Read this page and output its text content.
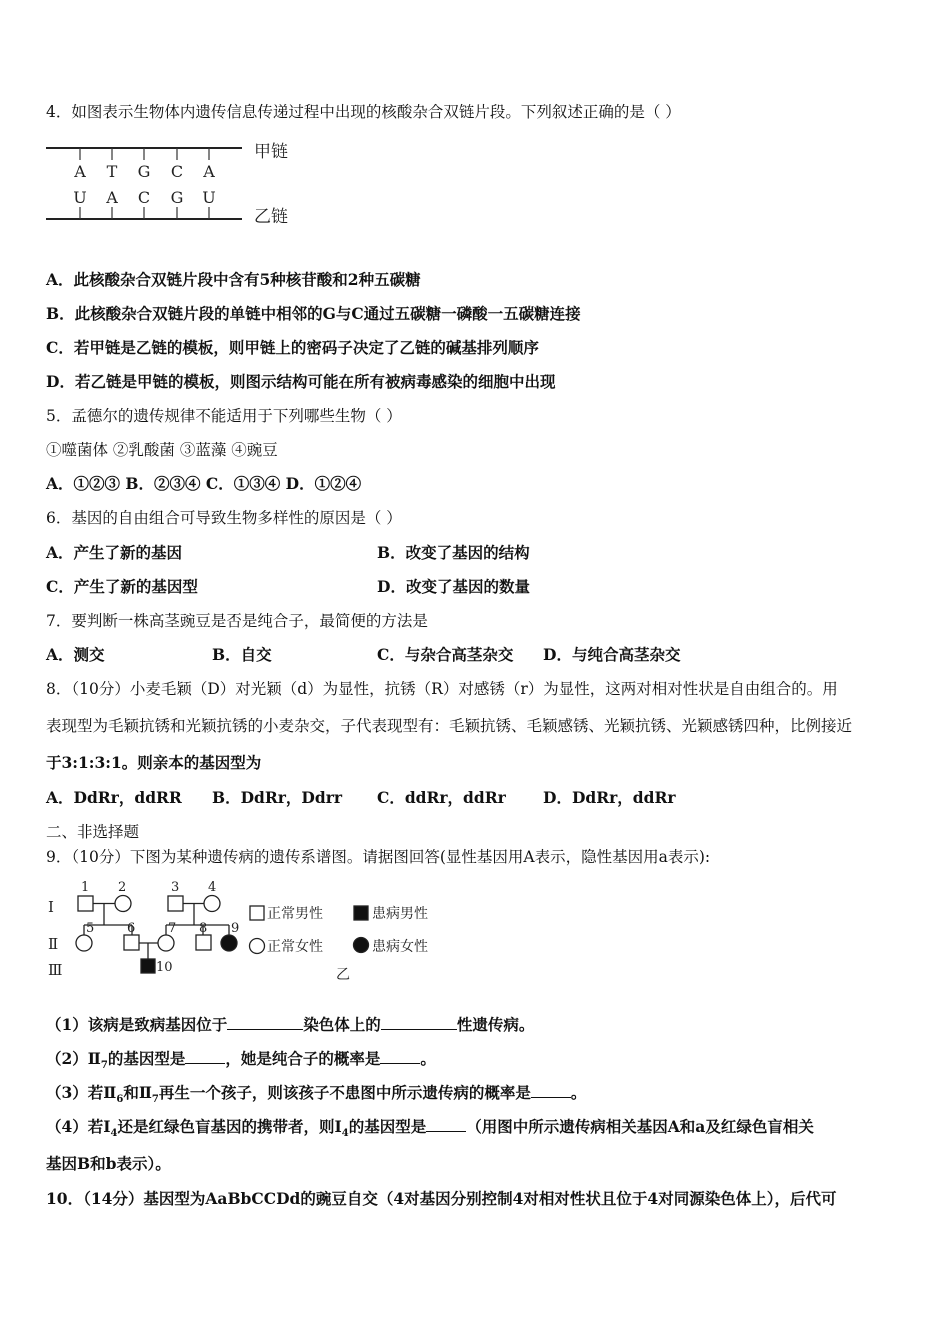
4．如图表示生物体内遗传信息传递过程中出现的核酸杂合双链片段。下列叙述正确的是（ ）
A T G C A
U A C G U
甲链
乙链
A．此核酸杂合双链片段中含有5种核苷酸和2种五碳糖
B．此核酸杂合双链片段的单链中相邻的G与C通过五碳糖一磷酸一五碳糖连接
C．若甲链是乙链的模板，则甲链上的密码子决定了乙链的碱基排列顺序
D．若乙链是甲链的模板，则图示结构可能在所有被病毒感染的细胞中出现
5．孟德尔的遗传规律不能适用于下列哪些生物（ ）
①噬菌体 ②乳酸菌 ③蓝藻 ④豌豆
A．①②③ B．②③④ C．①③④ D．①②④
6．基因的自由组合可导致生物多样性的原因是（ ）
A．产生了新的基因	B．改变了基因的结构
C．产生了新的基因型	D．改变了基因的数量
7．要判断一株高茎豌豆是否是纯合子，最简便的方法是
A．测交	B．自交	C．与杂合高茎杂交 D．与纯合高茎杂交
8．（10分）小麦毛颖（D）对光颖（d）为显性，抗锈（R）对感锈（r）为显性，这两对相对性状是自由组合的。用
表现型为毛颖抗锈和光颖抗锈的小麦杂交，子代表现型有：毛颖抗锈、毛颖感锈、光颖抗锈、光颖感锈四种，比例接近
于3:1:3:1。则亲本的基因型为
A．DdRr，ddRR B．DdRr，Ddrr C．ddRr，ddRr D．DdRr，ddRr
二、非选择题
9．（10分）下图为某种遗传病的遗传系谱图。请据图回答(显性基因用A表示，隐性基因用a表示):
Ⅰ
Ⅱ
Ⅲ
1 2	3 4
5	6	7 8 9
10
正常男性	患病男性
正常女性	患病女性
乙
（1）该病是致病基因位于	染色体上的	性遗传病。
$(2)Ⅱ_7$的基因型是	，她是纯合子的概率是	。
（3）若$Ⅱ_6$和$Ⅱ_7$再生一个孩子，则该孩子不患图中所示遗传病的概率是	。
（4）若$I_4$还是红绿色盲基因的携带者，则$I_4$的基因型是	（用图中所示遗传病相关基因A和a及红绿色盲相关
基因B和b表示）。
10．（14分）基因型为AaBbCCDd的豌豆自交（4对基因分别控制4对相对性状且位于4对同源染色体上），后代可
